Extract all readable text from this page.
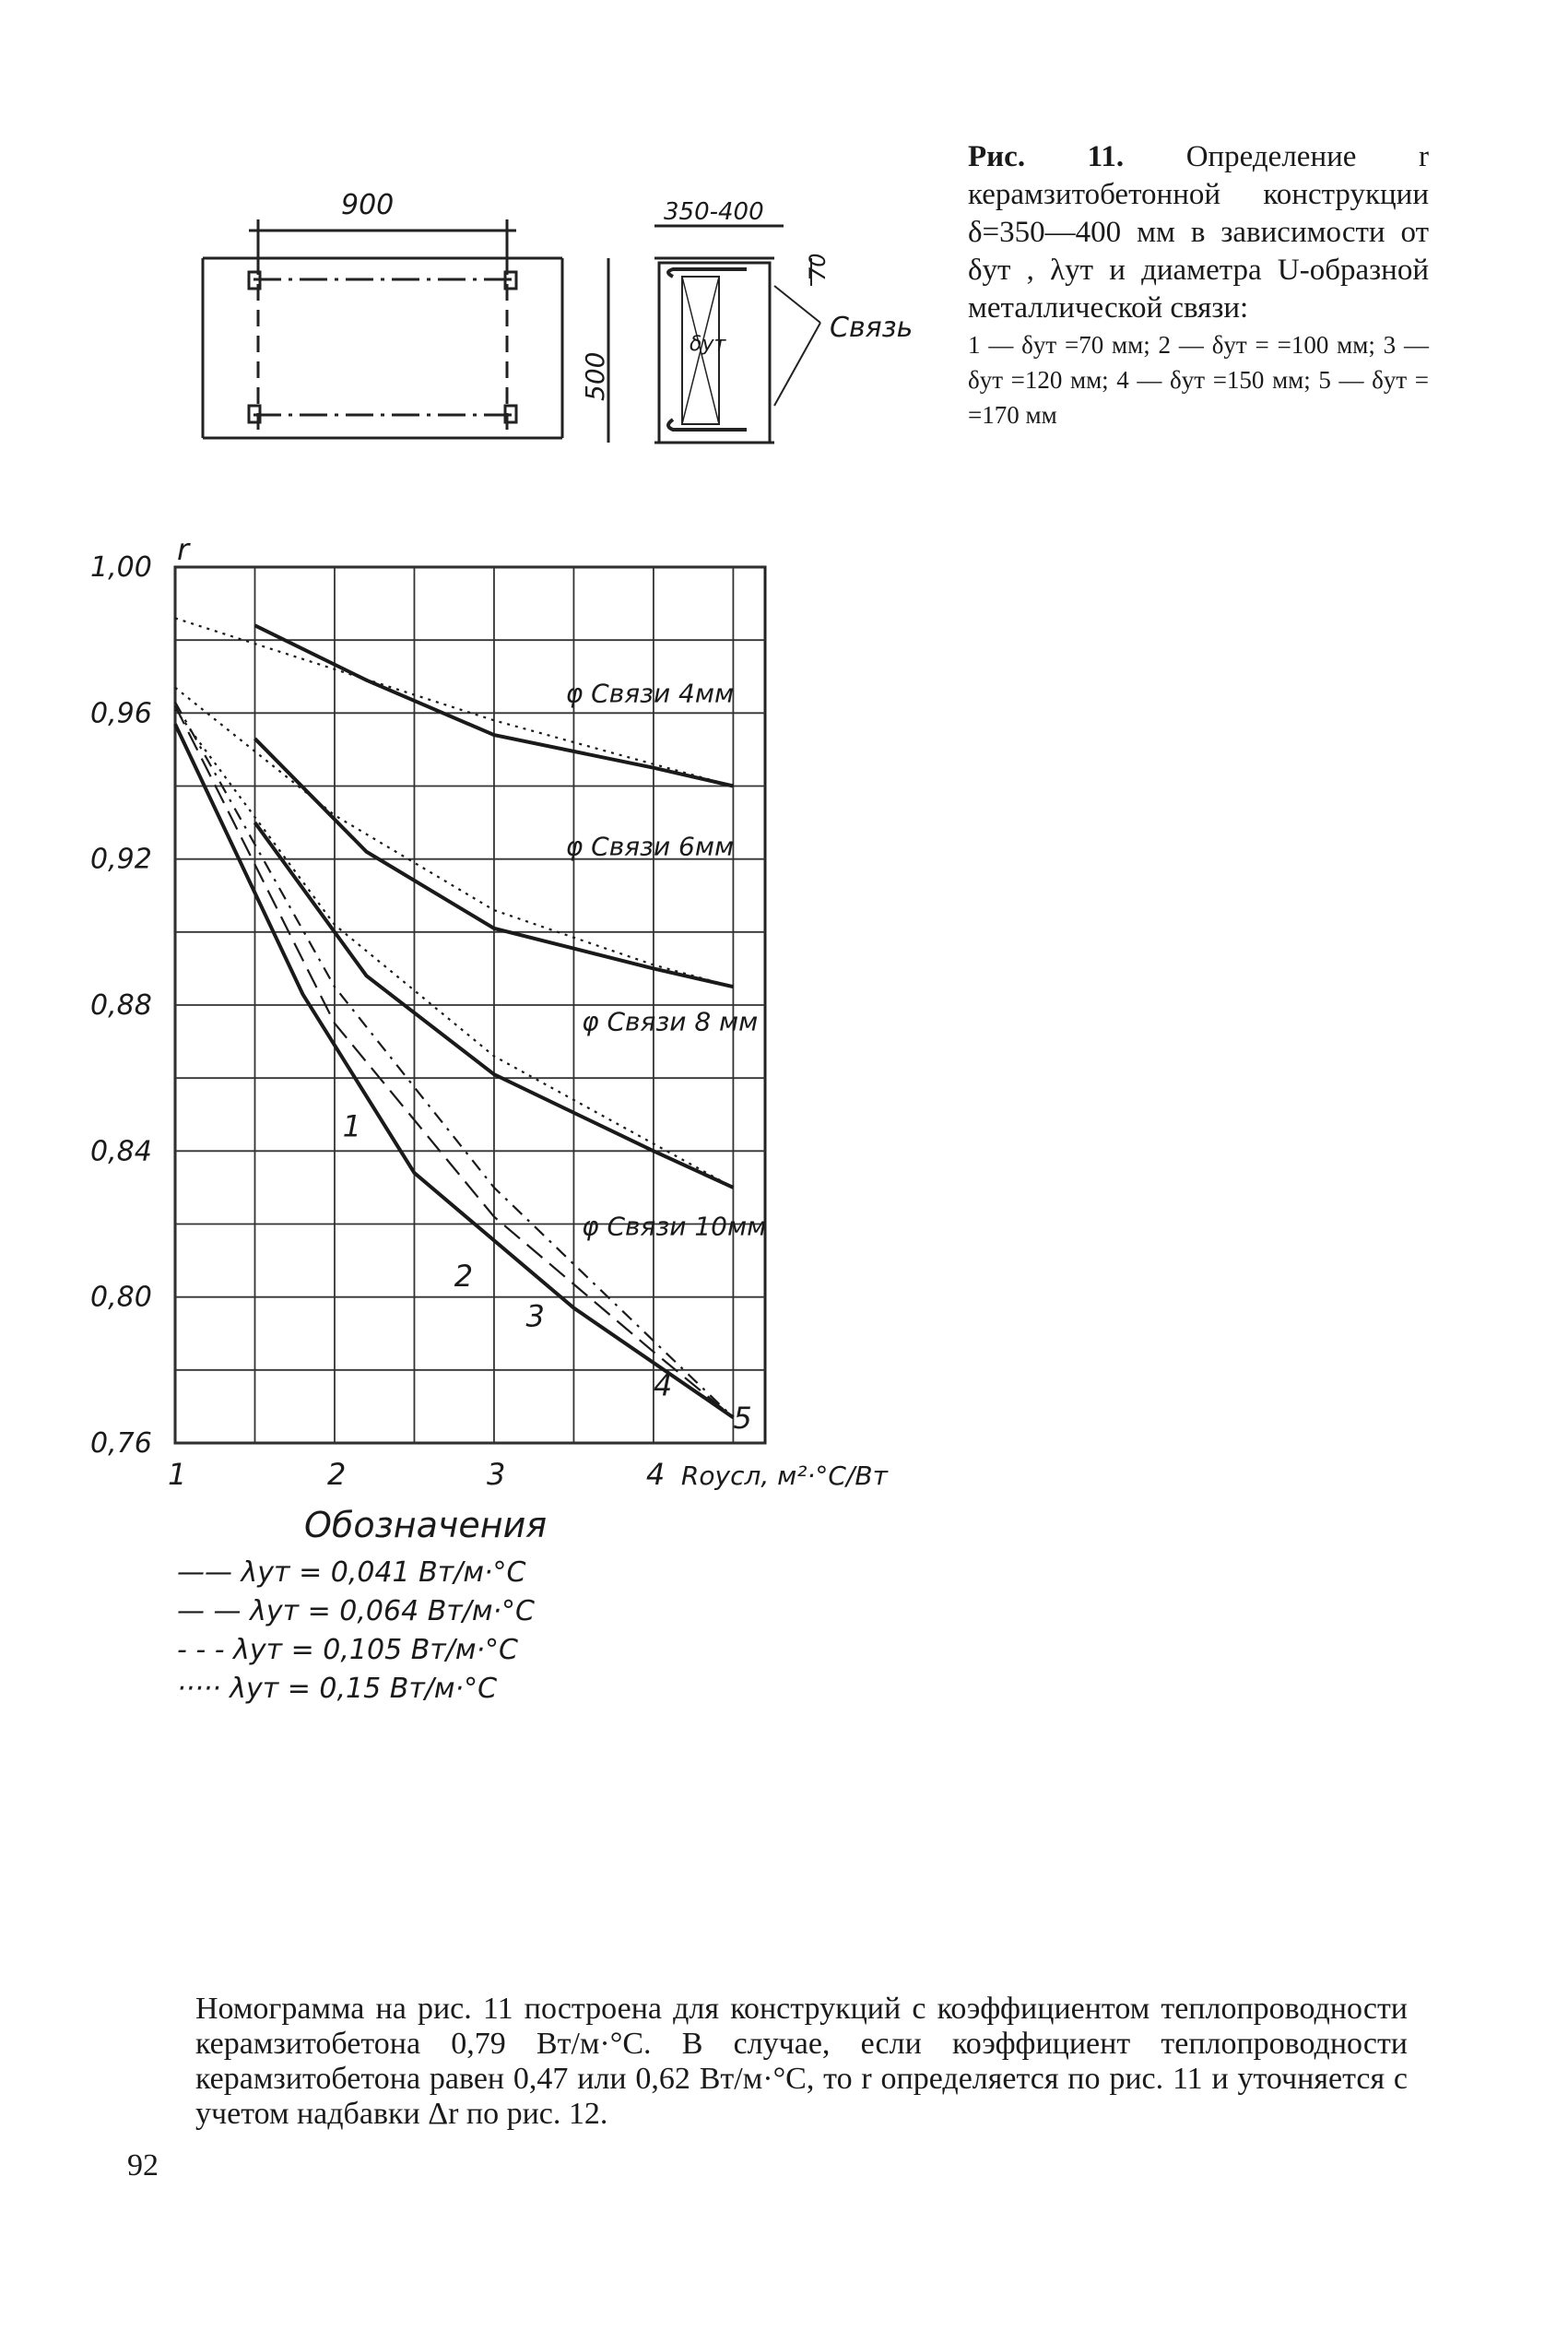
Рис. 11. Определение r керамзитобетонной конструкции δ=350—400 мм в зависимости от δут , λут и диаметра U-образной металлической связи:
1 — δут =70 мм; 2 — δут = =100 мм; 3 — δут =120 мм; 4 — δут =150 мм; 5 — δут = =170 мм
900	350-400
500
70
δут
Связь
1,00
0,96
0,92
0,88
0,84
0,80
0,76
1	2	3	4
r
Rоусл, м²·°C/Вт
φ Связи 4мм
φ Связи 6мм
φ Связи 8 мм
φ Связи 10мм
1
2
3
4
5
Обозначения
—— λут = 0,041 Вт/м·°C
— — λут = 0,064 Вт/м·°C
- - - λут = 0,105 Вт/м·°C
····· λут = 0,15 Вт/м·°C
Номограмма на рис. 11 построена для конструкций с коэффициентом теплопроводности керамзитобетона 0,79 Вт/м·°C. В случае, если коэффициент теплопроводности керамзитобетона равен 0,47 или 0,62 Вт/м·°C, то r определяется по рис. 11 и уточняется с учетом надбавки Δr по рис. 12.
92
